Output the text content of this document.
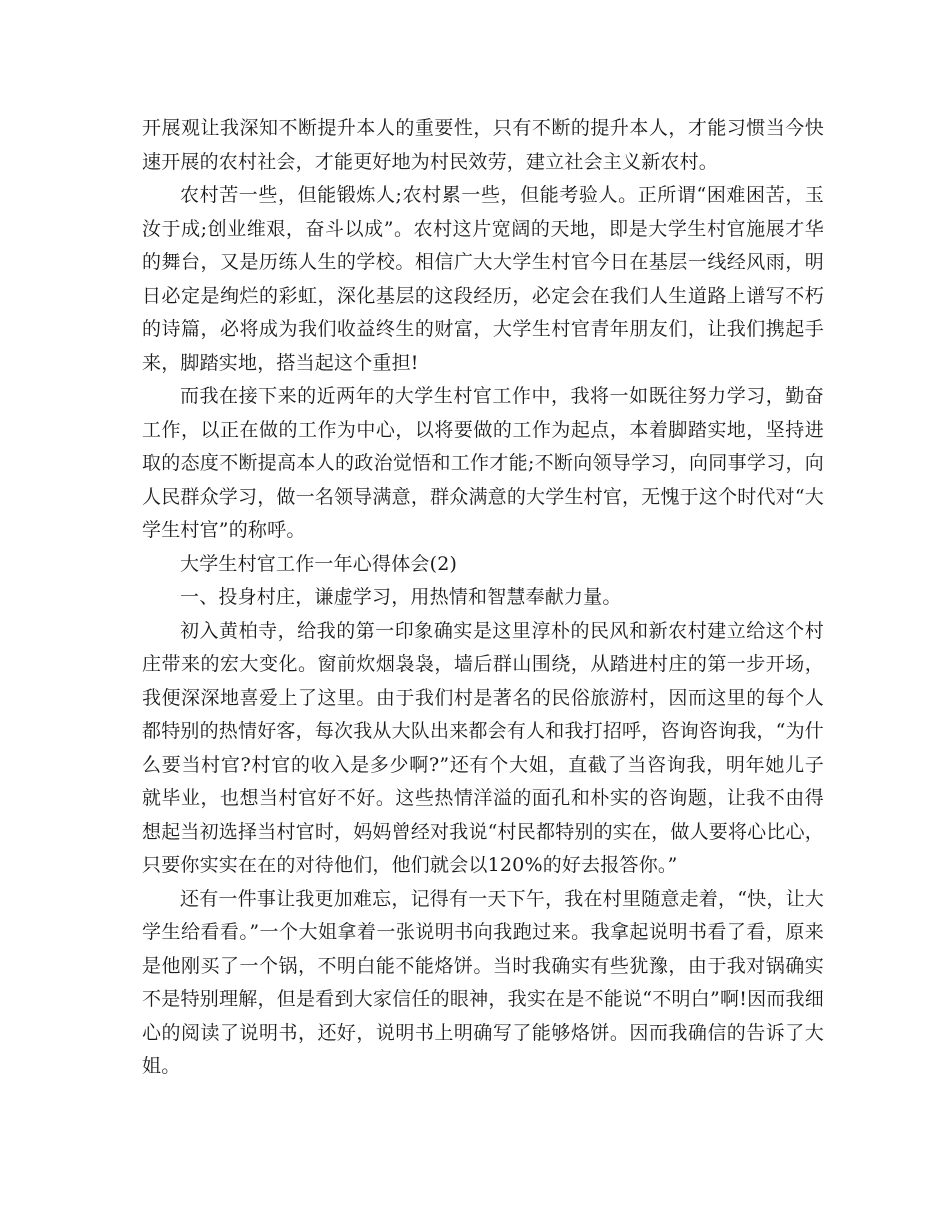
开展观让我深知不断提升本人的重要性，只有不断的提升本人，才能习惯当今快速开展的农村社会，才能更好地为村民效劳，建立社会主义新农村。

农村苦一些，但能锻炼人;农村累一些，但能考验人。正所谓“困难困苦，玉汝于成;创业维艰，奋斗以成”。农村这片宽阔的天地，即是大学生村官施展才华的舞台，又是历练人生的学校。相信广大大学生村官今日在基层一线经风雨，明日必定是绚烂的彩虹，深化基层的这段经历，必定会在我们人生道路上谱写不朽的诗篇，必将成为我们收益终生的财富，大学生村官青年朋友们，让我们携起手来，脚踏实地，搭当起这个重担!

而我在接下来的近两年的大学生村官工作中，我将一如既往努力学习，勤奋工作，以正在做的工作为中心，以将要做的工作为起点，本着脚踏实地，坚持进取的态度不断提高本人的政治觉悟和工作才能;不断向领导学习，向同事学习，向人民群众学习，做一名领导满意，群众满意的大学生村官，无愧于这个时代对“大学生村官”的称呼。

大学生村官工作一年心得体会(2)

一、投身村庄，谦虚学习，用热情和智慧奉献力量。

初入黄柏寺，给我的第一印象确实是这里淳朴的民风和新农村建立给这个村庄带来的宏大变化。窗前炊烟袅袅，墙后群山围绕，从踏进村庄的第一步开场，我便深深地喜爱上了这里。由于我们村是著名的民俗旅游村，因而这里的每个人都特别的热情好客，每次我从大队出来都会有人和我打招呼，咨询咨询我，“为什么要当村官?村官的收入是多少啊?”还有个大姐，直截了当咨询我，明年她儿子就毕业，也想当村官好不好。这些热情洋溢的面孔和朴实的咨询题，让我不由得想起当初选择当村官时，妈妈曾经对我说“村民都特别的实在，做人要将心比心，只要你实实在在的对待他们，他们就会以120%的好去报答你。”

还有一件事让我更加难忘，记得有一天下午，我在村里随意走着，“快，让大学生给看看。”一个大姐拿着一张说明书向我跑过来。我拿起说明书看了看，原来是他刚买了一个锅，不明白能不能烙饼。当时我确实有些犹豫，由于我对锅确实不是特别理解，但是看到大家信任的眼神，我实在是不能说“不明白”啊!因而我细心的阅读了说明书，还好，说明书上明确写了能够烙饼。因而我确信的告诉了大姐。
